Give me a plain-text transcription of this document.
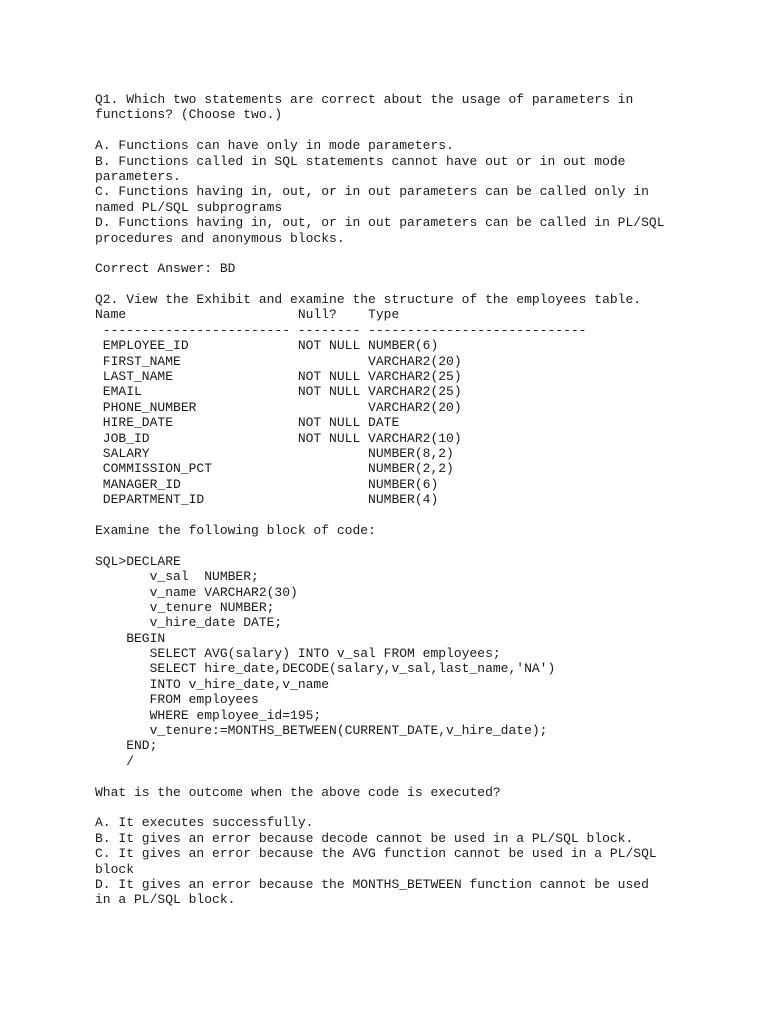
Q1. Which two statements are correct about the usage of parameters in
functions? (Choose two.)
A. Functions can have only in mode parameters.
B. Functions called in SQL statements cannot have out or in out mode
parameters.
C. Functions having in, out, or in out parameters can be called only in
named PL/SQL subprograms
D. Functions having in, out, or in out parameters can be called in PL/SQL
procedures and anonymous blocks.
Correct Answer: BD
Q2. View the Exhibit and examine the structure of the employees table.
Name                      Null?    Type
------------------------ -------- ----------------------------
EMPLOYEE_ID              NOT NULL NUMBER(6)
FIRST_NAME                        VARCHAR2(20)
LAST_NAME                NOT NULL VARCHAR2(25)
EMAIL                    NOT NULL VARCHAR2(25)
PHONE_NUMBER                      VARCHAR2(20)
HIRE_DATE                NOT NULL DATE
JOB_ID                   NOT NULL VARCHAR2(10)
SALARY                            NUMBER(8,2)
COMMISSION_PCT                    NUMBER(2,2)
MANAGER_ID                        NUMBER(6)
DEPARTMENT_ID                     NUMBER(4)
Examine the following block of code:
SQL>DECLARE
v_sal  NUMBER;
v_name VARCHAR2(30)
v_tenure NUMBER;
v_hire_date DATE;
BEGIN
SELECT AVG(salary) INTO v_sal FROM employees;
SELECT hire_date,DECODE(salary,v_sal,last_name,'NA')
INTO v_hire_date,v_name
FROM employees
WHERE employee_id=195;
v_tenure:=MONTHS_BETWEEN(CURRENT_DATE,v_hire_date);
END;
/
What is the outcome when the above code is executed?
A. It executes successfully.
B. It gives an error because decode cannot be used in a PL/SQL block.
C. It gives an error because the AVG function cannot be used in a PL/SQL
block
D. It gives an error because the MONTHS_BETWEEN function cannot be used
in a PL/SQL block.
